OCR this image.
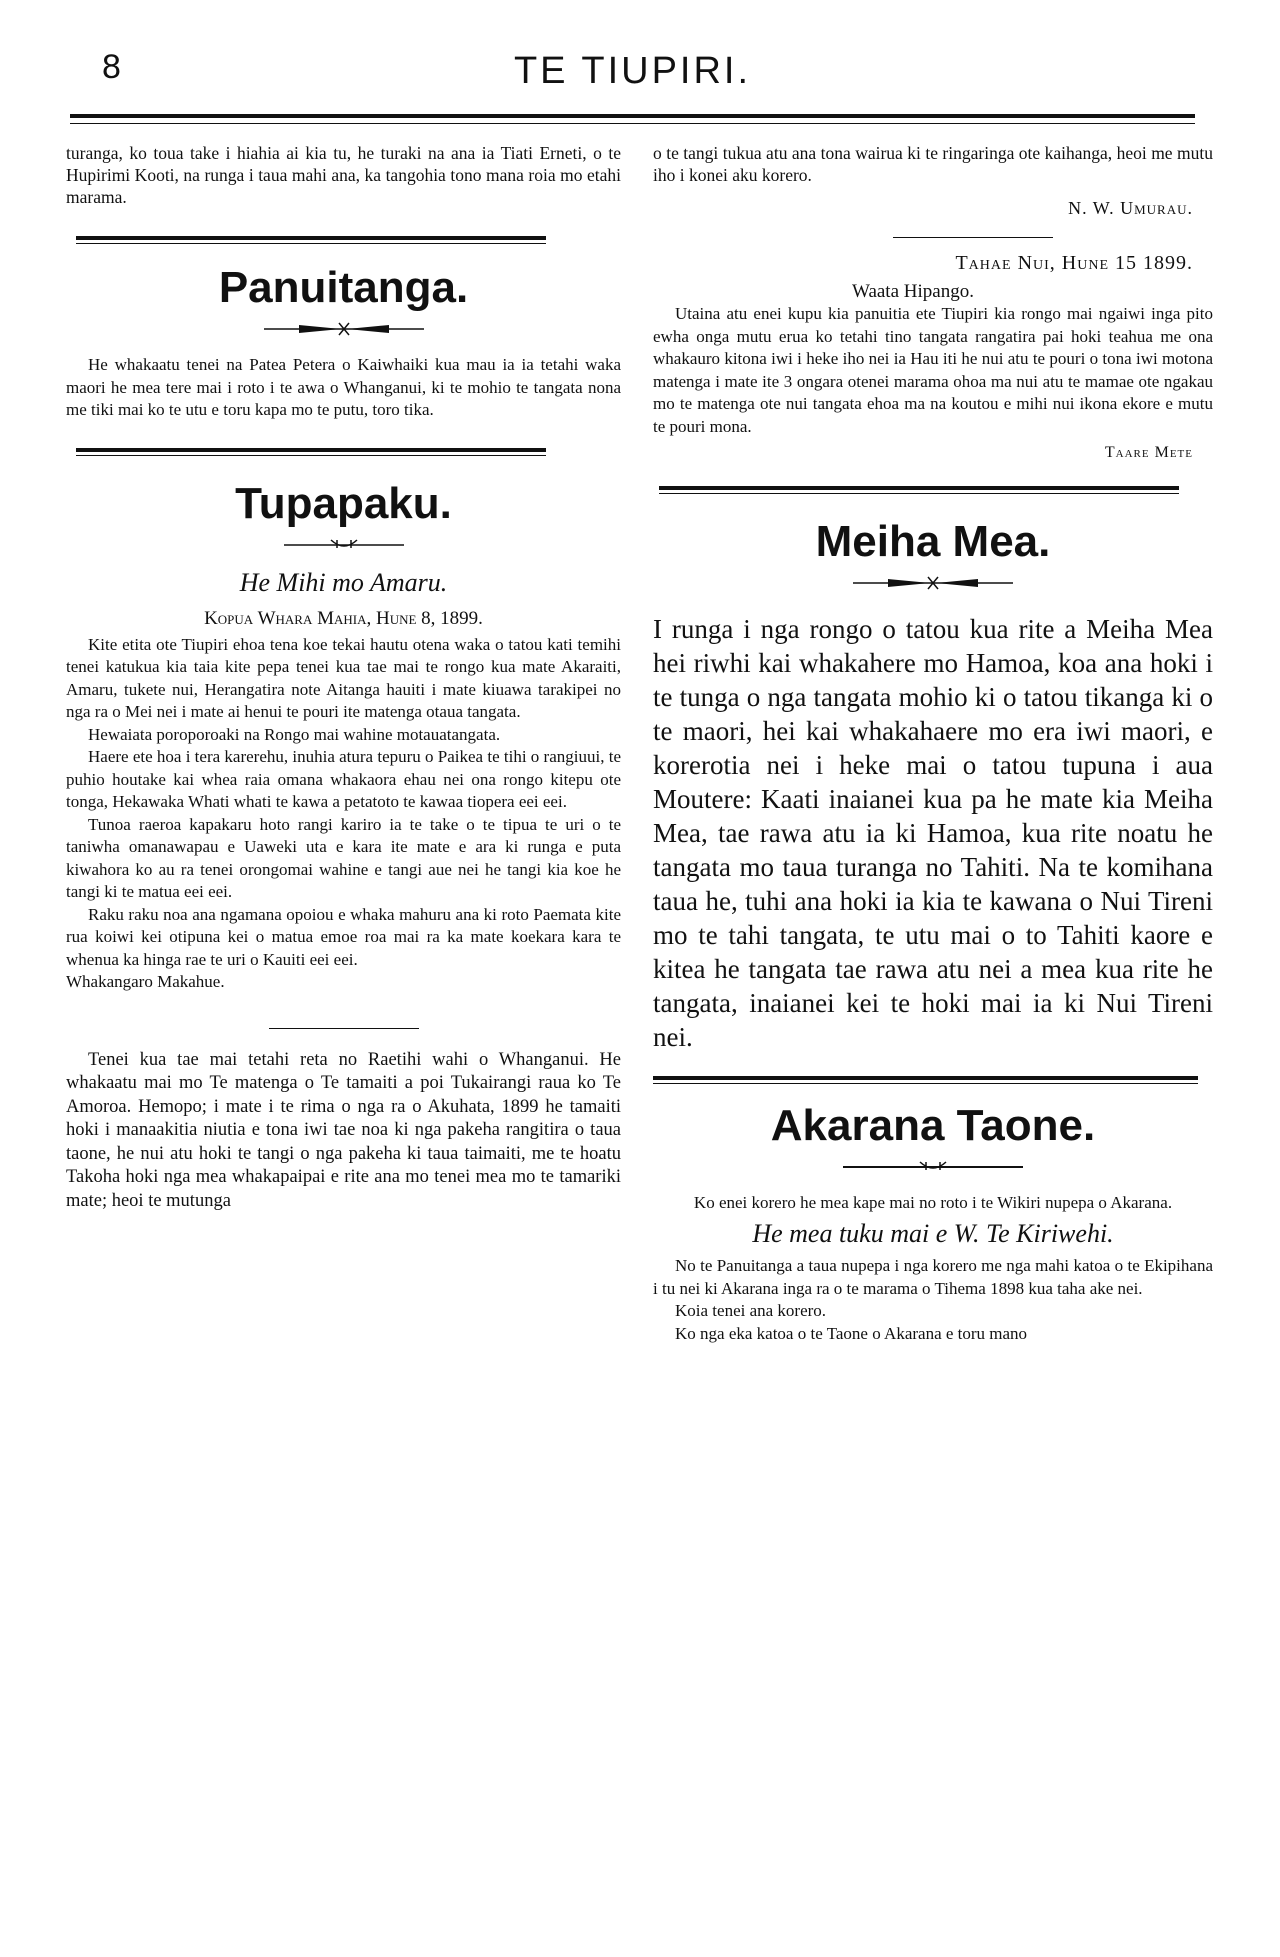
8	TE TIUPIRI.

turanga, ko toua take i hiahia ai kia tu, he turaki na ana ia Tiati Erneti, o te Hupirimi Kooti, na runga i taua mahi ana, ka tangohia tono mana roia mo etahi marama.

Panuitanga.

He whakaatu tenei na Patea Petera o Kaiwhaiki kua mau ia ia tetahi waka maori he mea tere mai i roto i te awa o Whanganui, ki te mohio te tangata nona me tiki mai ko te utu e toru kapa mo te putu, toro tika.

Tupapaku.

He Mihi mo Amaru.

Kopua Whara Mahia, Hune 8, 1899.

Kite etita ote Tiupiri ehoa tena koe tekai hautu otena waka o tatou kati temihi tenei katukua kia taia kite pepa tenei kua tae mai te rongo kua mate Akaraiti, Amaru, tukete nui, Herangatira note Aitanga hauiti i mate kiuawa tarakipei no nga ra o Mei nei i mate ai henui te pouri ite matenga otaua tangata.

Hewaiata poroporoaki na Rongo mai wahine motauatangata.

Haere ete hoa i tera karerehu, inuhia atura tepuru o Paikea te tihi o rangiuui, te puhio houtake kai whea raia omana whakaora ehau nei ona rongo kitepu ote tonga, Hekawaka Whati whati te kawa a petatoto te kawaa tiopera eei eei.

Tunoa raeroa kapakaru hoto rangi kariro ia te take o te tipua te uri o te taniwha omanawapau e Uaweki uta e kara ite mate e ara ki runga e puta kiwahora ko au ra tenei orongomai wahine e tangi aue nei he tangi kia koe he tangi ki te matua eei eei.

Raku raku noa ana ngamana opoiou e whaka mahuru ana ki roto Paemata kite rua koiwi kei otipuna kei o matua emoe roa mai ra ka mate koekara kara te whenua ka hinga rae te uri o Kauiti eei eei.

Whakangaro Makahue.

Tenei kua tae mai tetahi reta no Raetihi wahi o Whanganui. He whakaatu mai mo Te matenga o Te tamaiti a poi Tukairangi raua ko Te Amoroa. Hemopo; i mate i te rima o nga ra o Akuhata, 1899 he tamaiti hoki i manaakitia niutia e tona iwi tae noa ki nga pakeha rangitira o taua taone, he nui atu hoki te tangi o nga pakeha ki taua taimaiti, me te hoatu Takoha hoki nga mea whakapaipai e rite ana mo tenei mea mo te tamariki mate; heoi te mutunga

o te tangi tukua atu ana tona wairua ki te ringaringa ote kaihanga, heoi me mutu iho i konei aku korero.

N. W. Umurau.

Tahae Nui, Hune 15 1899.

Waata Hipango.

Utaina atu enei kupu kia panuitia ete Tiupiri kia rongo mai ngaiwi inga pito ewha onga mutu erua ko tetahi tino tangata rangatira pai hoki teahua me ona whakauro kitona iwi i heke iho nei ia Hau iti he nui atu te pouri o tona iwi motona matenga i mate ite 3 ongara otenei marama ohoa ma nui atu te mamae ote ngakau mo te matenga ote nui tangata ehoa ma na koutou e mihi nui ikona ekore e mutu te pouri mona.

Taare Mete

Meiha Mea.

I runga i nga rongo o tatou kua rite a Meiha Mea hei riwhi kai whakahere mo Hamoa, koa ana hoki i te tunga o nga tangata mohio ki o tatou tikanga ki o te maori, hei kai whakahaere mo era iwi maori, e korerotia nei i heke mai o tatou tupuna i aua Moutere: Kaati inaianei kua pa he mate kia Meiha Mea, tae rawa atu ia ki Hamoa, kua rite noatu he tangata mo taua turanga no Tahiti. Na te komihana taua he, tuhi ana hoki ia kia te kawana o Nui Tireni mo te tahi tangata, te utu mai o to Tahiti kaore e kitea he tangata tae rawa atu nei a mea kua rite he tangata, inaianei kei te hoki mai ia ki Nui Tireni nei.

Akarana Taone.

Ko enei korero he mea kape mai no roto i te Wikiri nupepa o Akarana.

He mea tuku mai e W. Te Kiriwehi.

No te Panuitanga a taua nupepa i nga korero me nga mahi katoa o te Ekipihana i tu nei ki Akarana inga ra o te marama o Tihema 1898 kua taha ake nei.

Koia tenei ana korero.

Ko nga eka katoa o te Taone o Akarana e toru mano
